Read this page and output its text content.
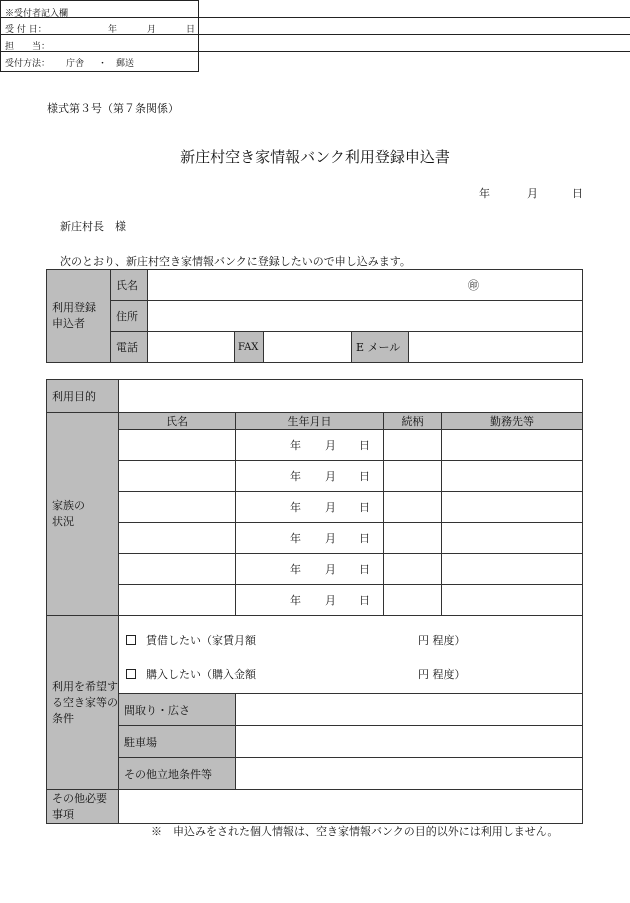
※受付者記入欄
受 付 日：	年	月	日
担　　当：
受付方法： 庁舎 ・ 郵送
様式第３号（第７条関係）
新庄村空き家情報バンク利用登録申込書
年	月	日
新庄村長　様
次のとおり、新庄村空き家情報バンクに登録したいので申し込みます。
利用登録申込者	氏名	㊞				
	住所					
	電話		FAX		E メール	
利用目的				
家族の状況	氏名	生年月日	続柄	勤務先等
		年 月 日		
		年 月 日		
		年 月 日		
		年 月 日		
		年 月 日		
		年 月 日		
利用を希望する空き家等の条件	賃借したい（家賃月額 円 程度）
購入したい（購入金額 円 程度）			

	間取り・広さ			
	駐車場			
	その他立地条件等			
その他必要事項				
※　申込みをされた個人情報は、空き家情報バンクの目的以外には利用しません。
